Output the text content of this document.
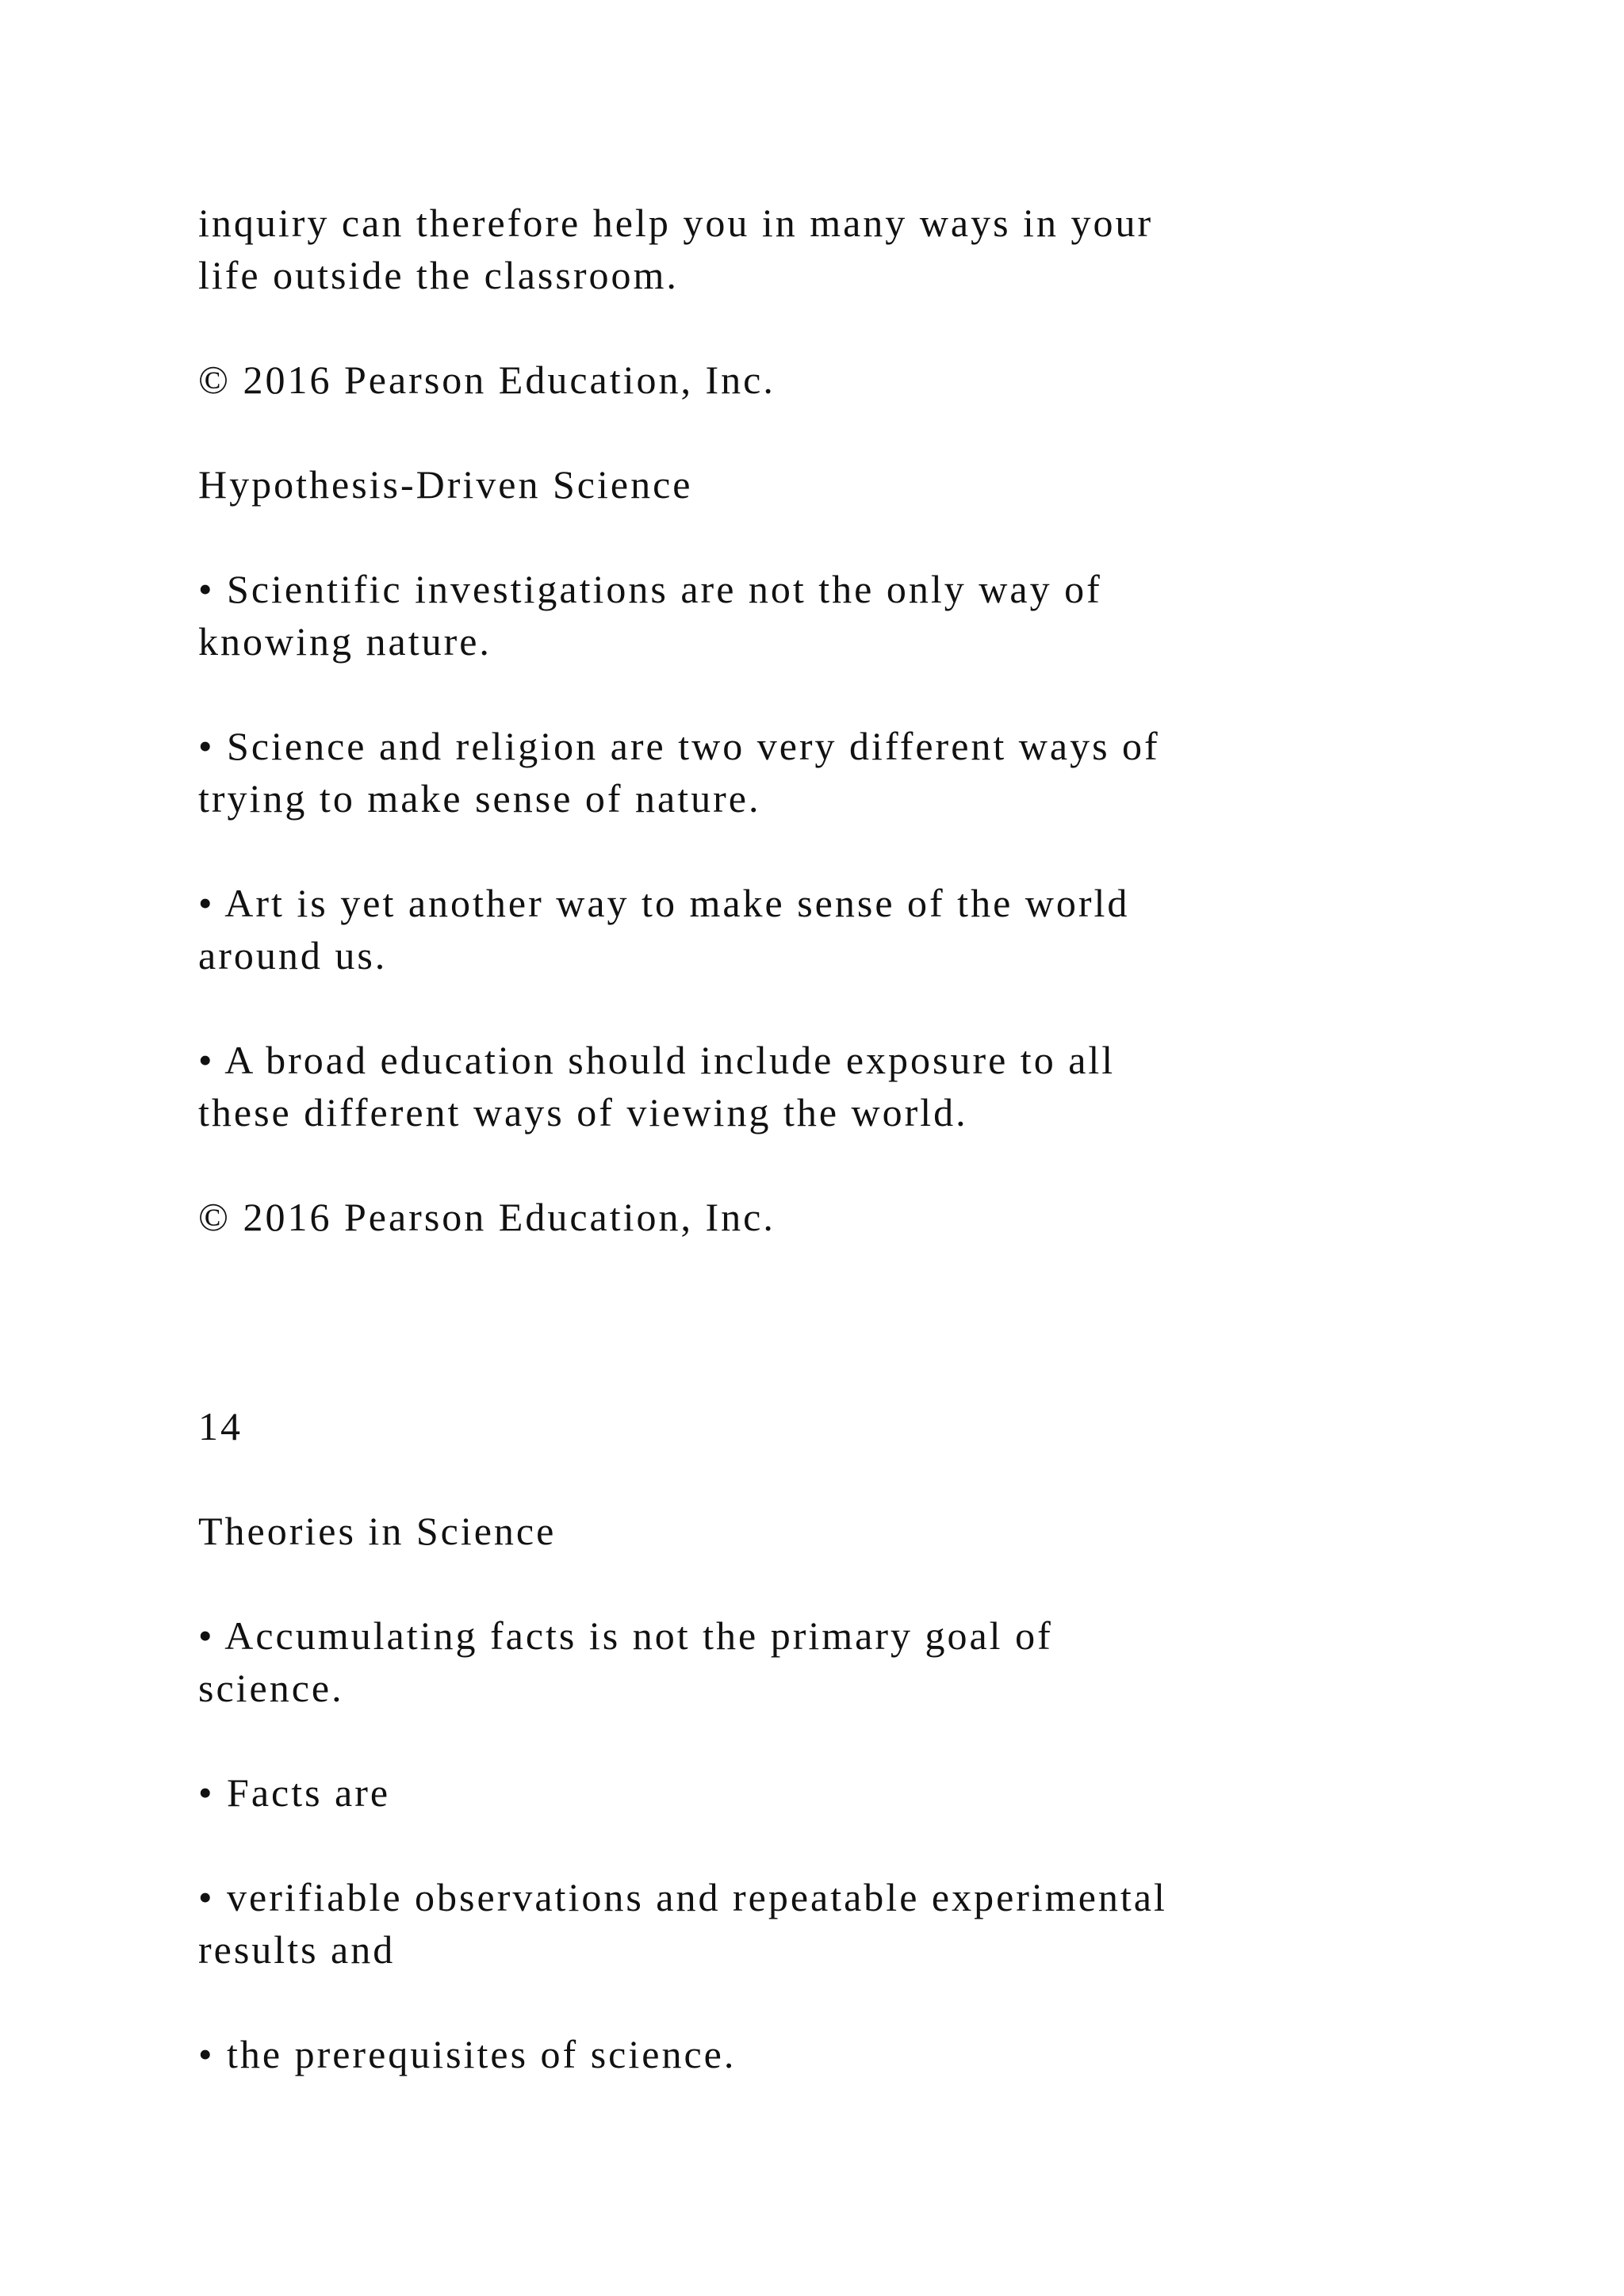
inquiry can therefore help you in many ways in your
life outside the classroom.
© 2016 Pearson Education, Inc.
Hypothesis-Driven Science
• Scientific investigations are not the only way of
knowing nature.
• Science and religion are two very different ways of
trying to make sense of nature.
• Art is yet another way to make sense of the world
around us.
• A broad education should include exposure to all
these different ways of viewing the world.
© 2016 Pearson Education, Inc.
14
Theories in Science
• Accumulating facts is not the primary goal of
science.
• Facts are
• verifiable observations and repeatable experimental
results and
• the prerequisites of science.
